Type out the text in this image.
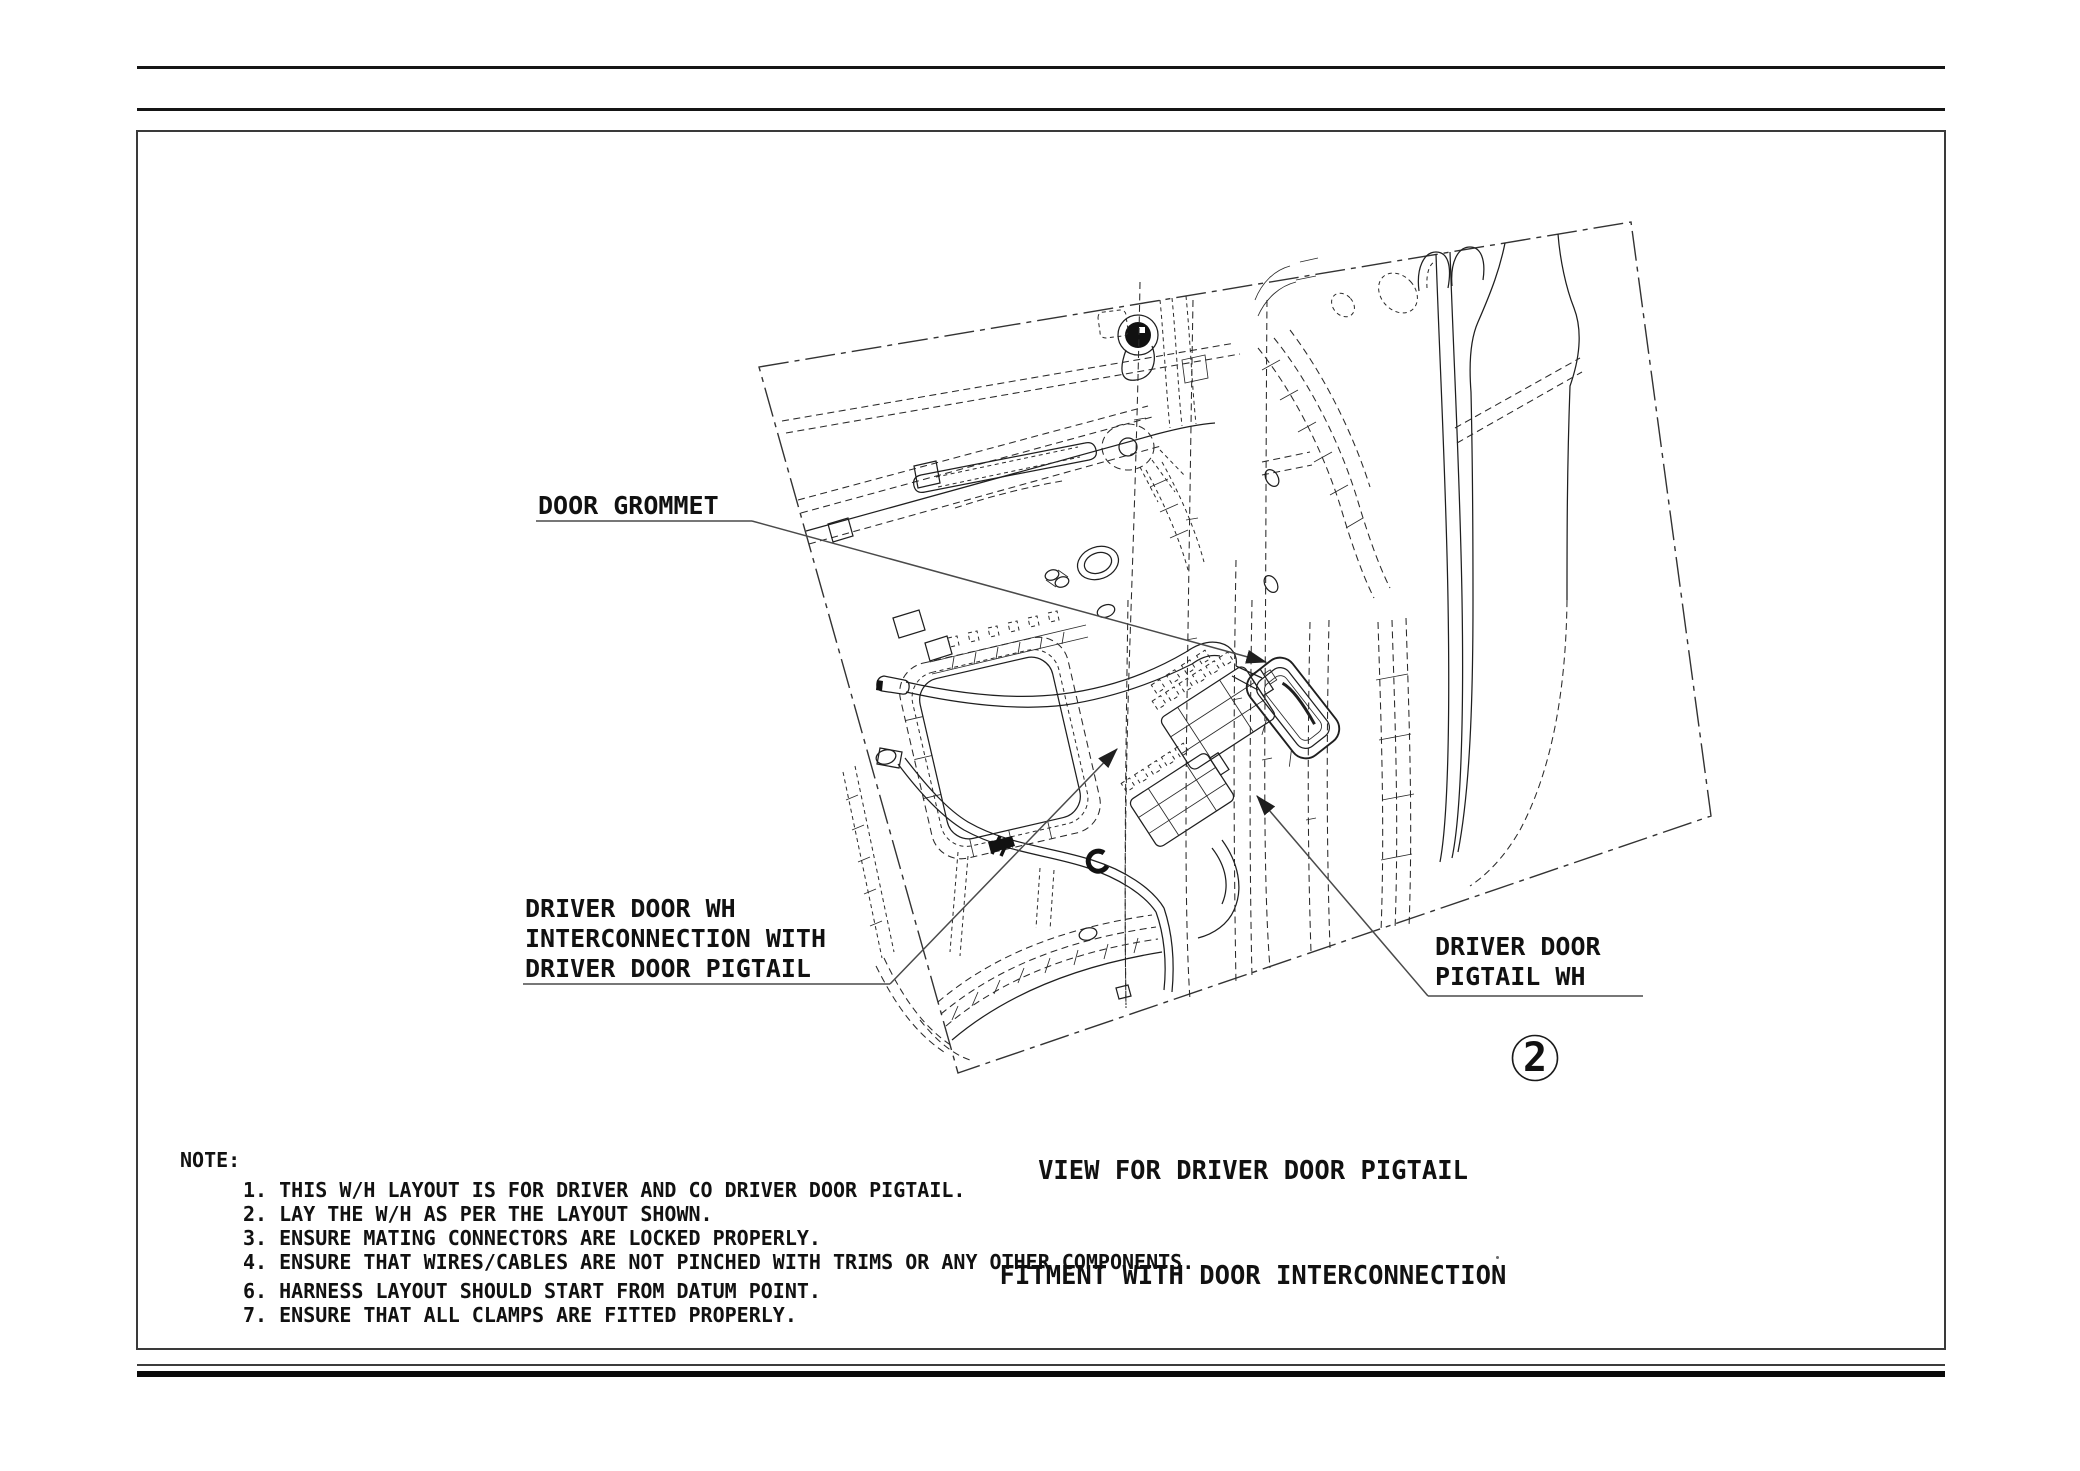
DOOR GROMMET
DRIVER DOOR WH
INTERCONNECTION WITH
DRIVER DOOR PIGTAIL
DRIVER DOOR
PIGTAIL WH
2

VIEW FOR DRIVER DOOR PIGTAIL

FITMENT WITH DOOR INTERCONNECTION

NOTE:
1. THIS W/H LAYOUT IS FOR DRIVER AND CO DRIVER DOOR PIGTAIL.
2. LAY THE W/H AS PER THE LAYOUT SHOWN.
3. ENSURE MATING CONNECTORS ARE LOCKED PROPERLY.
4. ENSURE THAT WIRES/CABLES ARE NOT PINCHED WITH TRIMS OR ANY OTHER COMPONENTS.
6. HARNESS LAYOUT SHOULD START FROM DATUM POINT.
7. ENSURE THAT ALL CLAMPS ARE FITTED PROPERLY.
